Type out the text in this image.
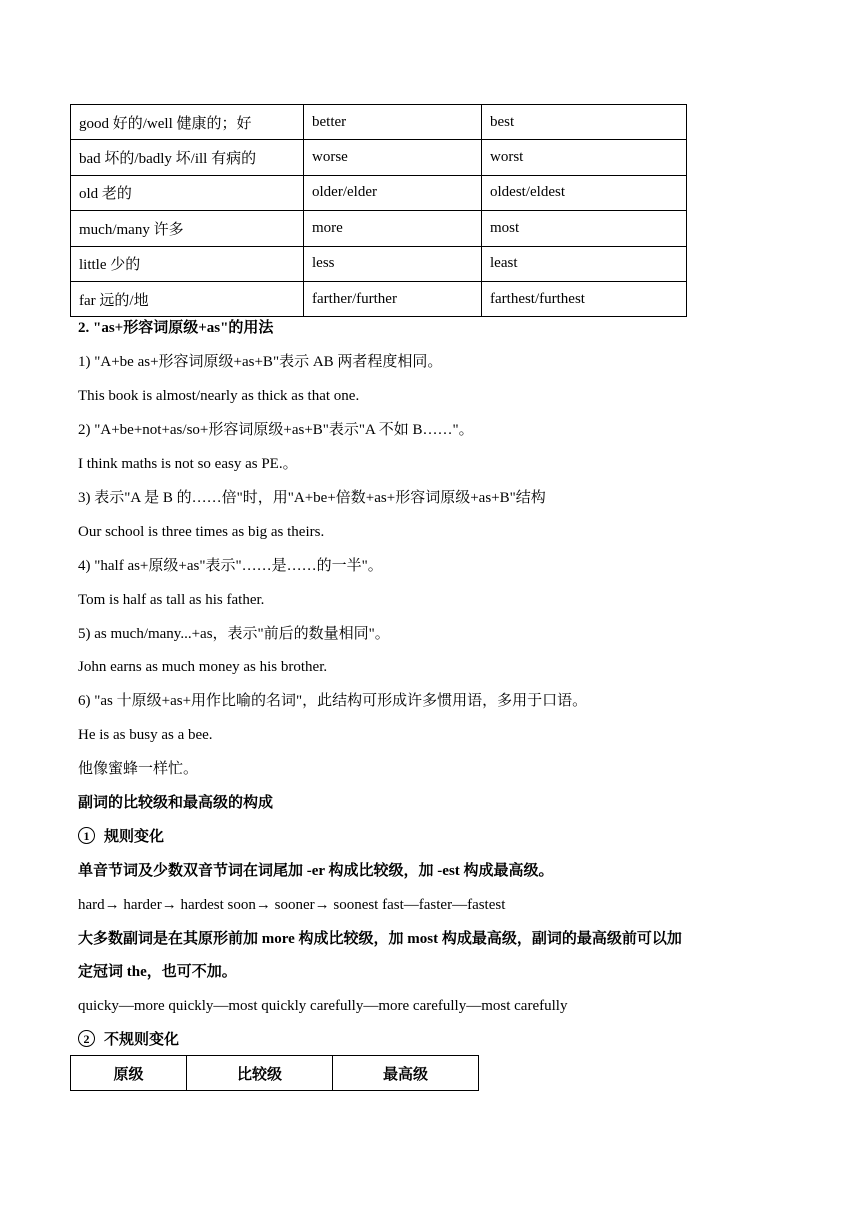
good 好的/well 健康的；好	better	best
bad 坏的/badly 坏/ill 有病的	worse	worst
old 老的	older/elder	oldest/eldest
much/many 许多	more	most
little 少的	less	least
far 远的/地	farther/further	farthest/furthest
2. "as+形容词原级+as"的用法
1) "A+be as+形容词原级+as+B"表示 AB 两者程度相同。
This book is almost/nearly as thick as that one.
2) "A+be+not+as/so+形容词原级+as+B"表示"A 不如 B……"。
I think maths is not so easy as PE.。
3) 表示"A 是 B 的……倍"时，用"A+be+倍数+as+形容词原级+as+B"结构
Our school is three times as big as theirs.
4) "half as+原级+as"表示"……是……的一半"。
Tom is half as tall as his father.
5) as much/many...+as，表示"前后的数量相同"。
John earns as much money as his brother.
6) "as 十原级+as+用作比喻的名词"，此结构可形成许多惯用语，多用于口语。
He is as busy as a bee.
他像蜜蜂一样忙。
副词的比较级和最高级的构成
1 规则变化
单音节词及少数双音节词在词尾加 -er 构成比较级，加 -est 构成最高级。
hard→ harder→ hardest soon→ sooner→ soonest fast—faster—fastest
大多数副词是在其原形前加 more 构成比较级，加 most 构成最高级，副词的最高级前可以加
定冠词 the，也可不加。
quicky—more quickly—most quickly carefully—more carefully—most carefully
2 不规则变化
原级	比较级	最高级
